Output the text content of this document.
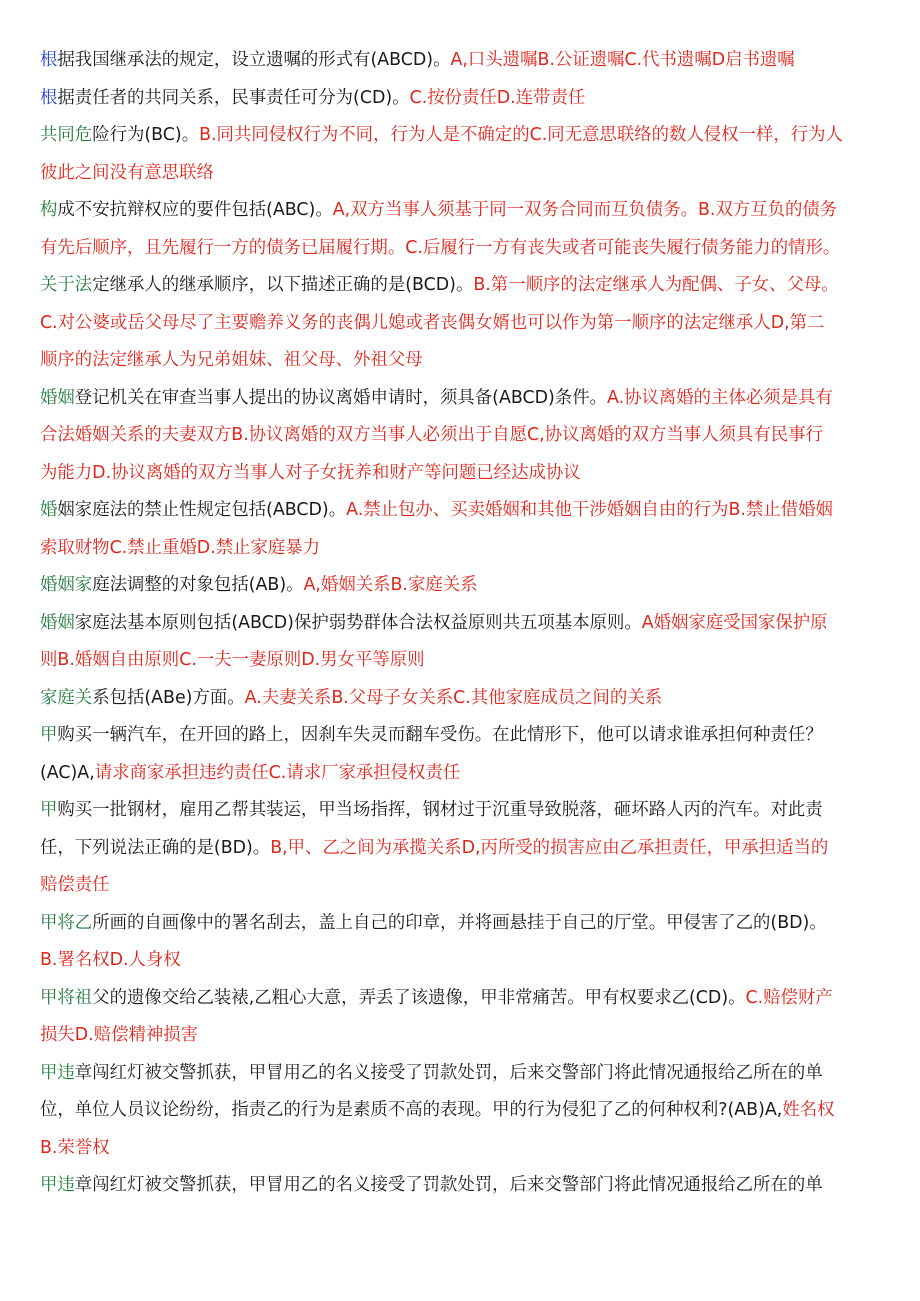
根据我国继承法的规定，设立遗嘱的形式有(ABCD)。A,口头遗嘱B.公证遗嘱C.代书遗嘱D启书遗嘱
根据责任者的共同关系，民事责任可分为(CD)。C.按份责任D.连带责任
共同危险行为(BC)。B.同共同侵权行为不同，行为人是不确定的C.同无意思联络的数人侵权一样，行为人
彼此之间没有意思联络
构成不安抗辩权应的要件包括(ABC)。A,双方当事人须基于同一双务合同而互负债务。B.双方互负的债务
有先后顺序，且先履行一方的债务已届履行期。C.后履行一方有丧失或者可能丧失履行债务能力的情形。
关于法定继承人的继承顺序，以下描述正确的是(BCD)。B.第一顺序的法定继承人为配偶、子女、父母。
C.对公婆或岳父母尽了主要赡养义务的丧偶儿媳或者丧偶女婿也可以作为第一顺序的法定继承人D,第二
顺序的法定继承人为兄弟姐妹、祖父母、外祖父母
婚姻登记机关在审查当事人提出的协议离婚申请时，须具备(ABCD)条件。A.协议离婚的主体必须是具有
合法婚姻关系的夫妻双方B.协议离婚的双方当事人必须出于自愿C,协议离婚的双方当事人须具有民事行
为能力D.协议离婚的双方当事人对子女抚养和财产等问题已经达成协议
婚姻家庭法的禁止性规定包括(ABCD)。A.禁止包办、买卖婚姻和其他干涉婚姻自由的行为B.禁止借婚姻
索取财物C.禁止重婚D.禁止家庭暴力
婚姻家庭法调整的对象包括(AB)。A,婚姻关系B.家庭关系
婚姻家庭法基本原则包括(ABCD)保护弱势群体合法权益原则共五项基本原则。A婚姻家庭受国家保护原
则B.婚姻自由原则C.一夫一妻原则D.男女平等原则
家庭关系包括(ABe)方面。A.夫妻关系B.父母子女关系C.其他家庭成员之间的关系
甲购买一辆汽车，在开回的路上，因刹车失灵而翻车受伤。在此情形下，他可以请求谁承担何种责任？
(AC)A,请求商家承担违约责任C.请求厂家承担侵权责任
甲购买一批钢材，雇用乙帮其装运，甲当场指挥，钢材过于沉重导致脱落，砸坏路人丙的汽车。对此责
任，下列说法正确的是(BD)。B,甲、乙之间为承揽关系D,丙所受的损害应由乙承担责任，甲承担适当的
赔偿责任
甲将乙所画的自画像中的署名刮去，盖上自己的印章，并将画悬挂于自己的厅堂。甲侵害了乙的(BD)。
B.署名权D.人身权
甲将祖父的遗像交给乙装裱,乙粗心大意，弄丢了该遗像，甲非常痛苦。甲有权要求乙(CD)。C.赔偿财产
损失D.赔偿精神损害
甲违章闯红灯被交警抓获，甲冒用乙的名义接受了罚款处罚，后来交警部门将此情况通报给乙所在的单
位，单位人员议论纷纷，指责乙的行为是素质不高的表现。甲的行为侵犯了乙的何种权利?(AB)A,姓名权
B.荣誉权
甲违章闯红灯被交警抓获，甲冒用乙的名义接受了罚款处罚，后来交警部门将此情况通报给乙所在的单
